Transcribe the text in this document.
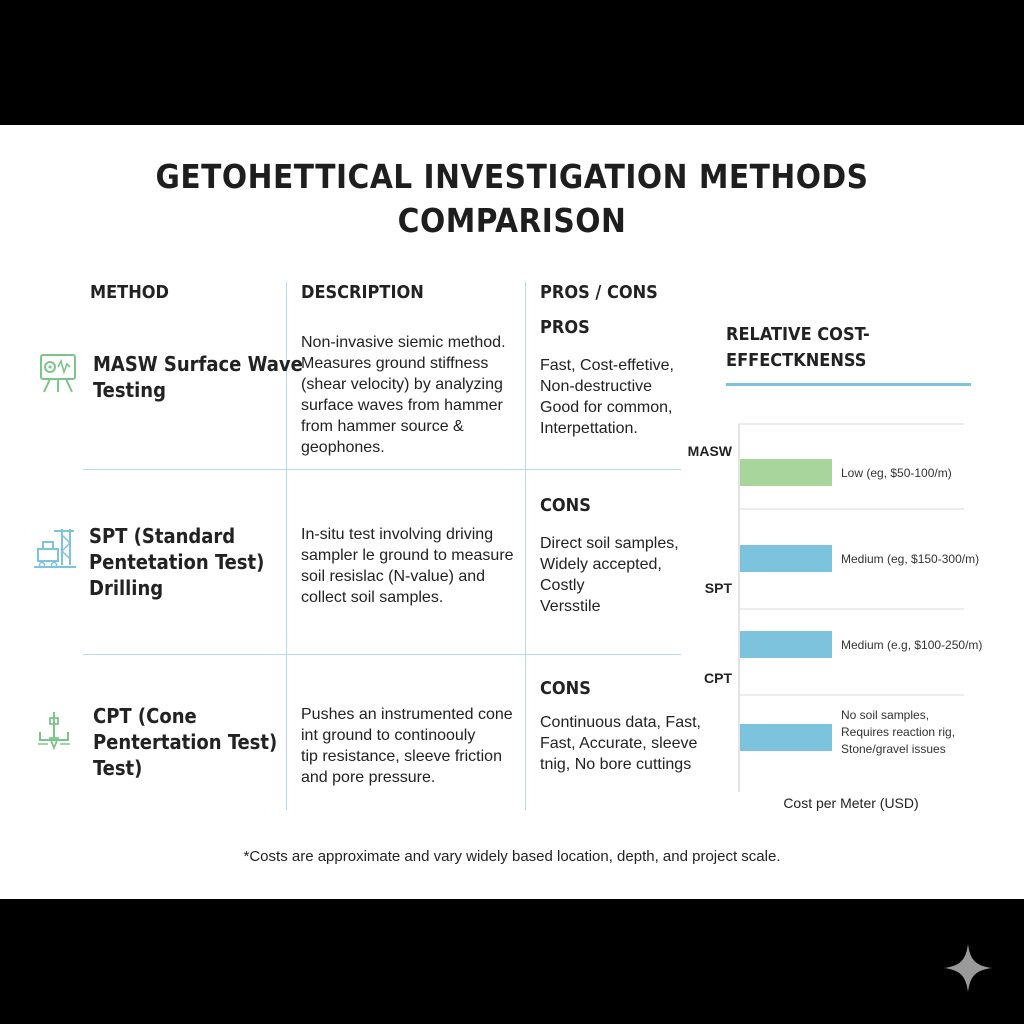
GETOHETTICAL INVESTIGATION METHODS
COMPARISON
METHOD	DESCRIPTION	PROS / CONS
MASW Surface Wave
Testing
Non-invasive siemic method.
Measures ground stiffness
(shear velocity) by analyzing
surface waves from hammer
from hammer source &
geophones.
PROS
Fast, Cost-effetive,
Non-destructive
Good for common,
Interpettation.
SPT (Standard
Pentetation Test)
Drilling
In-situ test involving driving
sampler le ground to measure
soil resislac (N-value) and
collect soil samples.
CONS
Direct soil samples,
Widely accepted,
Costly
Versstile
CPT (Cone
Pentertation Test)
Test)
Pushes an instrumented cone
int ground to continoouly
tip resistance, sleeve friction
and pore pressure.
CONS
Continuous data, Fast,
Fast, Accurate, sleeve
tnig, No bore cuttings
RELATIVE COST-
EFFECTKNENSS
Low (eg, $50-100/m)
Medium (eg, $150-300/m)
Medium (e.g, $100-250/m)
No soil samples,
Requires reaction rig,
Stone/gravel issues
MASW
SPT
CPT
Cost per Meter (USD)
*Costs are approximate and vary widely based location, depth, and project scale.
